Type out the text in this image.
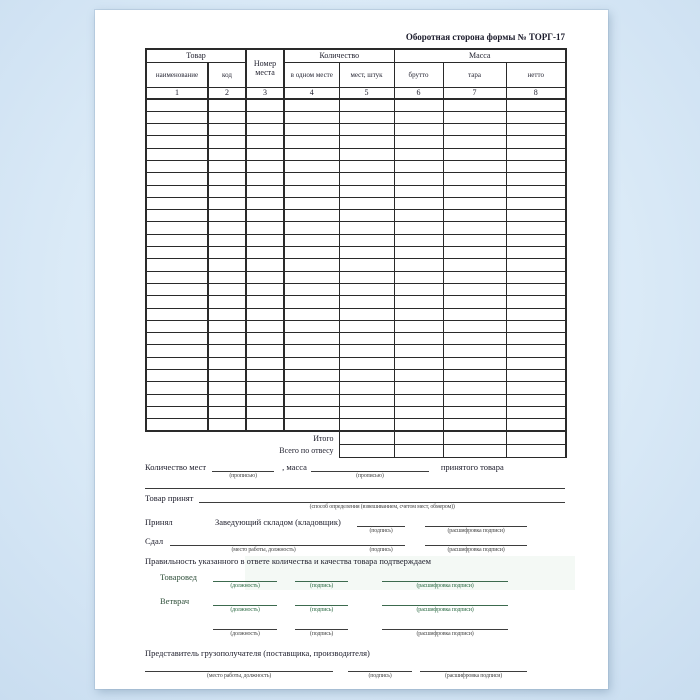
Оборотная сторона формы № ТОРГ-17
Товар		Номер места	Количество		Масса		
наименование	код		в одном месте	мест, штук	брутто	тара	нетто
1	2	3	4	5	6	7	8

Итого							
Всего по отвесу							
Количество мест
(прописью)
, масса
(прописью)
принятого товара
Товар принят
(способ определения (взвешиванием, счетом мест, обмером))
Принял	Заведующий складом (кладовщик)
(подпись)	(расшифровка подписи)
Сдал
(место работы, должность)	(подпись)	(расшифровка подписи)
Правильность указанного в ответе количества и качества товара подтверждаем
Товаровед
(должность)	(подпись)	(расшифровка подписи)
Ветврач
(должность)	(подпись)	(расшифровка подписи)
(должность)	(подпись)	(расшифровка подписи)
Представитель грузополучателя (поставщика, производителя)
(место работы, должность)	(подпись)	(расшифровка подписи)
